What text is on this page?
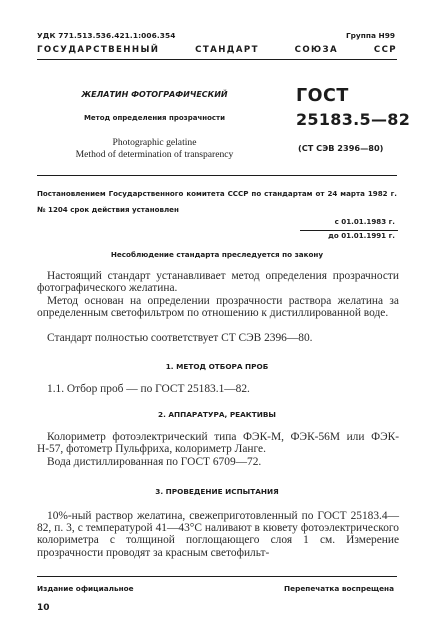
УДК 771.513.536.421.1:006.354	Группа Н99
ГОСУДАРСТВЕННЫЙ СТАНДАРТ СОЮЗА ССР
ЖЕЛАТИН ФОТОГРАФИЧЕСКИЙ
Метод определения прозрачности
Photographic gelatine
Method of determination of transparency
ГОСТ
25183.5—82
(СТ СЭВ 2396—80)
Постановлением Государственного комитета СССР по стандартам от 24 марта 1982 г. № 1204 срок действия установлен
с 01.01.1983 г.
до 01.01.1991 г.
Несоблюдение стандарта преследуется по закону
Настоящий стандарт устанавливает метод определения прозрачности фотографического желатина.
Метод основан на определении прозрачности раствора желатина за определенным светофильтром по отношению к дистиллированной воде.
Стандарт полностью соответствует СТ СЭВ 2396—80.
1. МЕТОД ОТБОРА ПРОБ
1.1. Отбор проб — по ГОСТ 25183.1—82.
2. АППАРАТУРА, РЕАКТИВЫ
Колориметр фотоэлектрический типа ФЭК-М, ФЭК-56М или ФЭК-Н-57, фотометр Пульфриха, колориметр Ланге.
Вода дистиллированная по ГОСТ 6709—72.
3. ПРОВЕДЕНИЕ ИСПЫТАНИЯ
10%-ный раствор желатина, свежеприготовленный по ГОСТ 25183.4—82, п. 3, с температурой 41—43°С наливают в кювету фотоэлектрического колориметра с толщиной поглощающего слоя 1 см. Измерение прозрачности проводят за красным светофильт-
Издание официальное	Перепечатка воспрещена
10
